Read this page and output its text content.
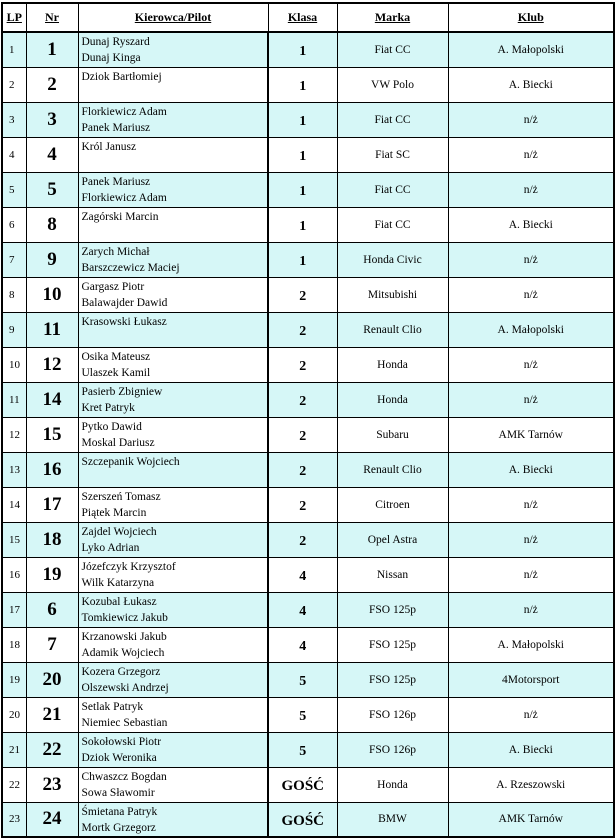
LP	Nr	Kierowca/Pilot	Klasa	Marka	Klub
1	1	Dunaj Ryszard
Dunaj Kinga	1	Fiat CC	A. Małopolski
2	2	Dziok Bartłomiej	1	VW Polo	A. Biecki
3	3	Florkiewicz Adam
Panek Mariusz	1	Fiat CC	n/ż
4	4	Król Janusz	1	Fiat SC	n/ż
5	5	Panek Mariusz
Florkiewicz Adam	1	Fiat CC	n/ż
6	8	Zagórski Marcin	1	Fiat CC	A. Biecki
7	9	Zarych Michał
Barszczewicz Maciej	1	Honda Civic	n/ż
8	10	Gargasz Piotr
Balawajder Dawid	2	Mitsubishi	n/ż
9	11	Krasowski Łukasz	2	Renault Clio	A. Małopolski
10	12	Osika Mateusz
Ulaszek Kamil	2	Honda	n/ż
11	14	Pasierb Zbigniew
Kret Patryk	2	Honda	n/ż
12	15	Pytko Dawid
Moskal Dariusz	2	Subaru	AMK Tarnów
13	16	Szczepanik Wojciech	2	Renault Clio	A. Biecki
14	17	Szerszeń Tomasz
Piątek Marcin	2	Citroen	n/ż
15	18	Zajdel Wojciech
Lyko Adrian	2	Opel Astra	n/ż
16	19	Józefczyk Krzysztof
Wilk Katarzyna	4	Nissan	n/ż
17	6	Kozubal Łukasz
Tomkiewicz Jakub	4	FSO 125p	n/ż
18	7	Krzanowski Jakub
Adamik Wojciech	4	FSO 125p	A. Małopolski
19	20	Kozera Grzegorz
Olszewski Andrzej	5	FSO 125p	4Motorsport
20	21	Setlak Patryk
Niemiec Sebastian	5	FSO 126p	n/ż
21	22	Sokołowski Piotr
Dziok Weronika	5	FSO 126p	A. Biecki
22	23	Chwaszcz Bogdan
Sowa Sławomir	GOŚĆ	Honda	A. Rzeszowski
23	24	Śmietana Patryk
Mortk Grzegorz	GOŚĆ	BMW	AMK Tarnów
